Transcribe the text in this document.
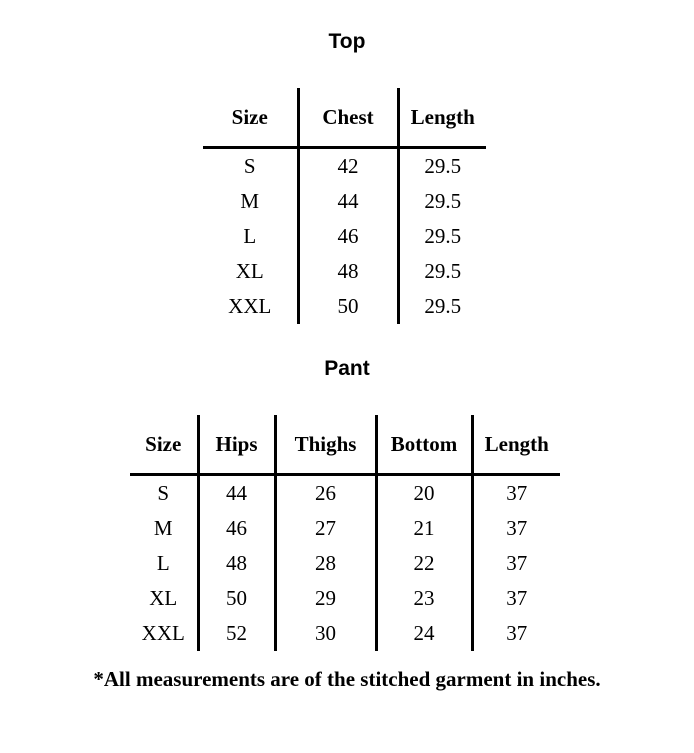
Top
Size	Chest	Length
S	42	29.5
M	44	29.5
L	46	29.5
XL	48	29.5
XXL	50	29.5
Pant
Size	Hips	Thighs	Bottom	Length
S	44	26	20	37
M	46	27	21	37
L	48	28	22	37
XL	50	29	23	37
XXL	52	30	24	37
*All measurements are of the stitched garment in inches.
